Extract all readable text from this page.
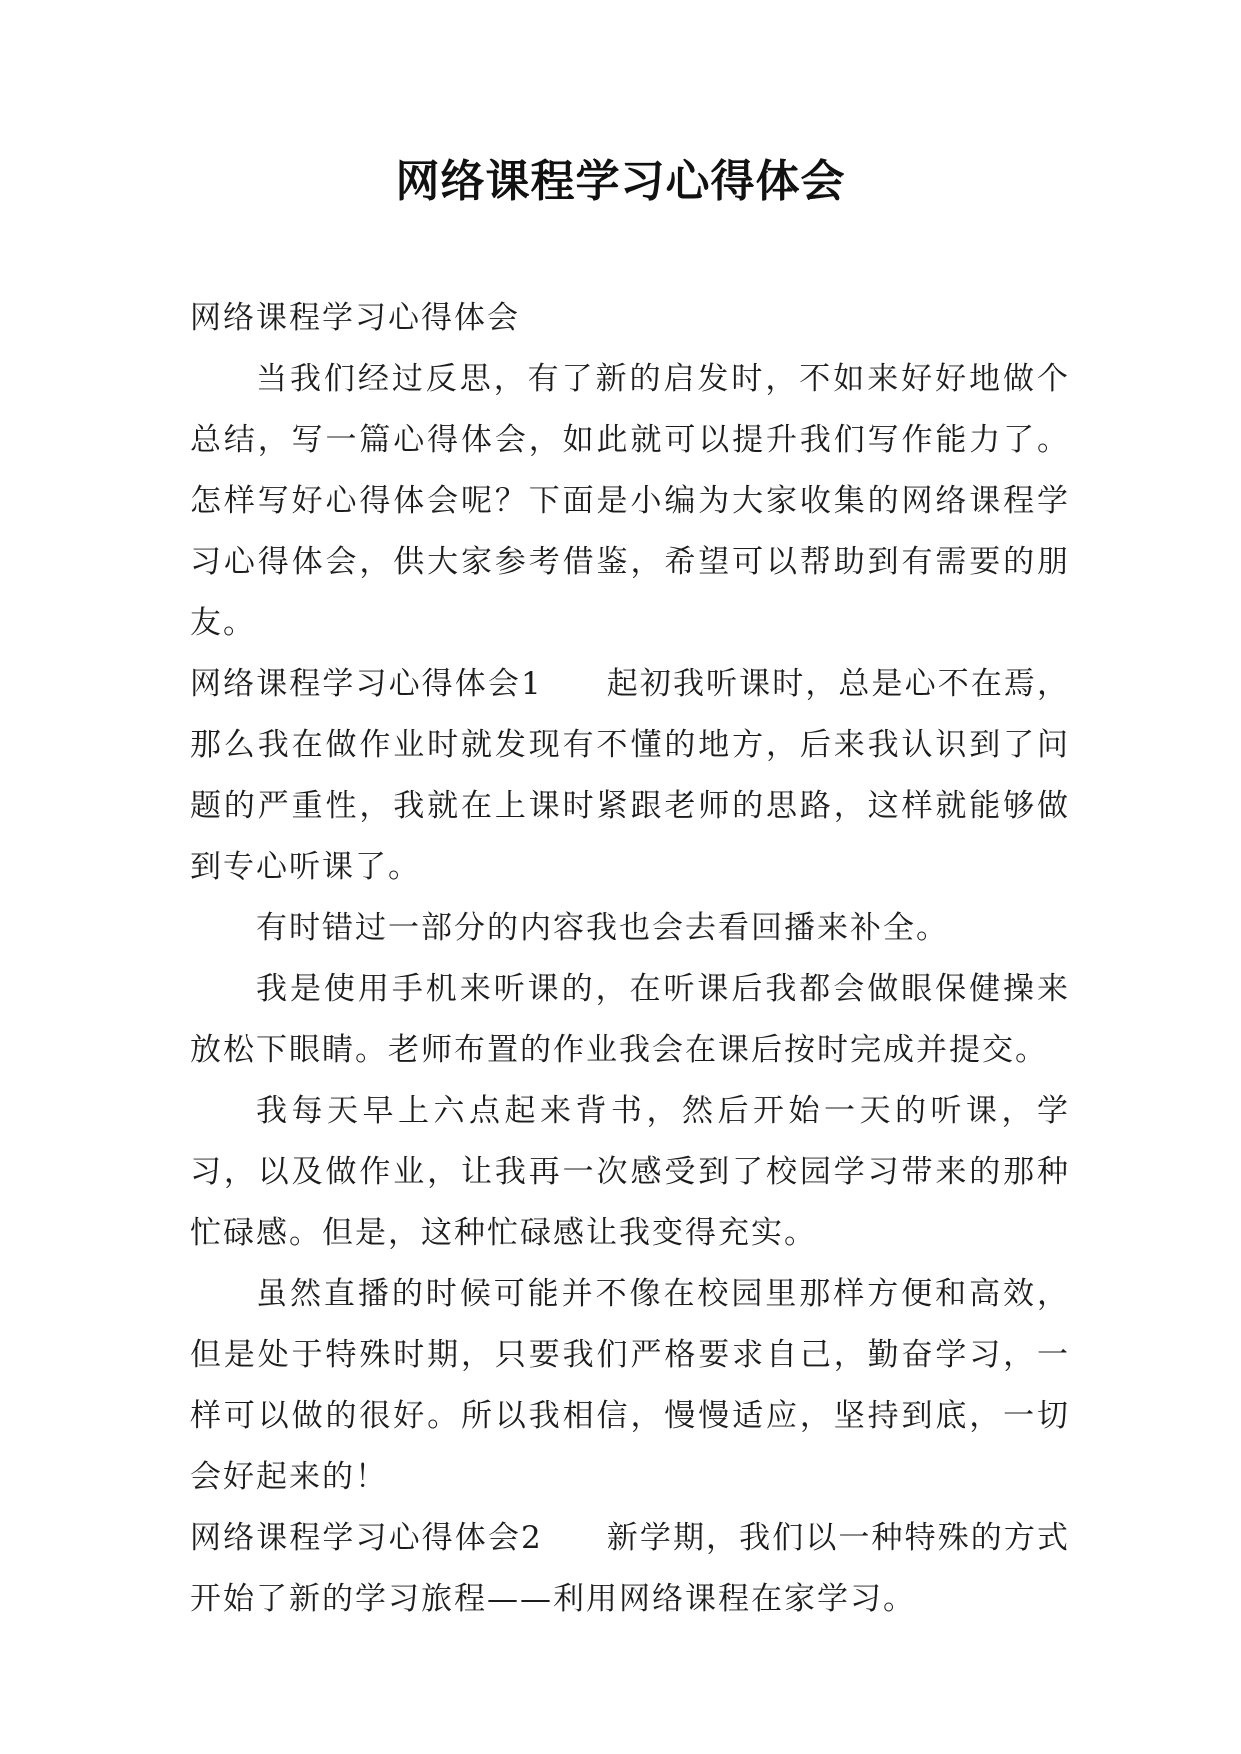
网络课程学习心得体会

网络课程学习心得体会

当我们经过反思，有了新的启发时，不如来好好地做个总结，写一篇心得体会，如此就可以提升我们写作能力了。怎样写好心得体会呢？下面是小编为大家收集的网络课程学习心得体会，供大家参考借鉴，希望可以帮助到有需要的朋友。

网络课程学习心得体会1 起初我听课时，总是心不在焉，那么我在做作业时就发现有不懂的地方，后来我认识到了问题的严重性，我就在上课时紧跟老师的思路，这样就能够做到专心听课了。

有时错过一部分的内容我也会去看回播来补全。

我是使用手机来听课的，在听课后我都会做眼保健操来放松下眼睛。老师布置的作业我会在课后按时完成并提交。

我每天早上六点起来背书，然后开始一天的听课，学习，以及做作业，让我再一次感受到了校园学习带来的那种忙碌感。但是，这种忙碌感让我变得充实。

虽然直播的时候可能并不像在校园里那样方便和高效，但是处于特殊时期，只要我们严格要求自己，勤奋学习，一样可以做的很好。所以我相信，慢慢适应，坚持到底，一切会好起来的！

网络课程学习心得体会2 新学期，我们以一种特殊的方式开始了新的学习旅程——利用网络课程在家学习。
